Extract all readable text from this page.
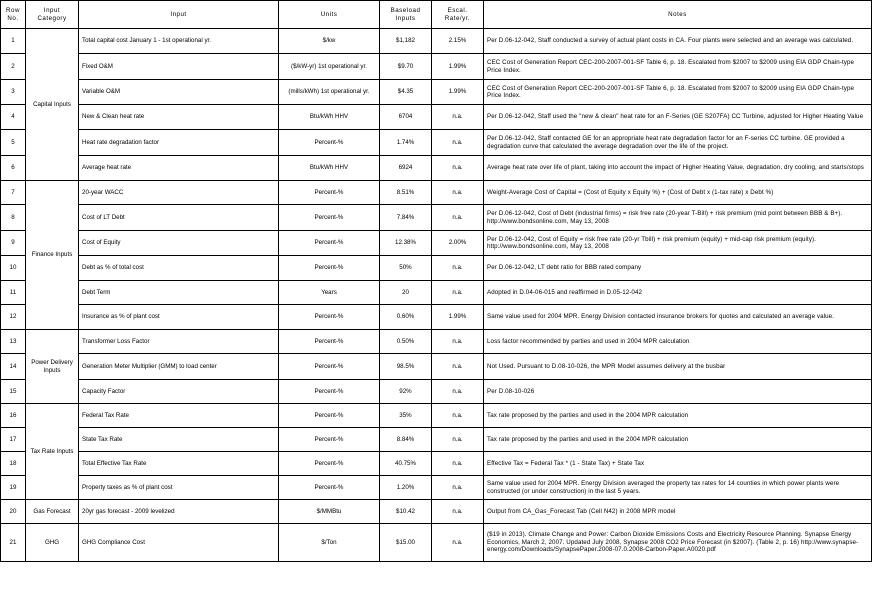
Row No.	Input Category	Input	Units	Baseload Inputs	Escal. Rate/yr.	Notes
1	Capital Inputs	Total capital cost January 1 - 1st operational yr.	$/kw	$1,182	2.15%	Per D.06-12-042, Staff conducted a survey of actual plant costs in CA. Four plants were selected and an average was calculated.
2		Fixed O&M	($/kW-yr) 1st operational yr.	$9.70	1.99%	CEC Cost of Generation Report CEC-200-2007-001-SF Table 6, p. 18. Escalated from $2007 to $2009 using EIA GDP Chain-type Price Index.
3		Variable O&M	(mills/kWh) 1st operational yr.	$4.35	1.99%	CEC Cost of Generation Report CEC-200-2007-001-SF Table 6, p. 18. Escalated from $2007 to $2009 using EIA GDP Chain-type Price Index.
4		New & Clean heat rate	Btu/kWh HHV	6704	n.a.	Per D.06-12-042, Staff used the "new & clean" heat rate for an F-Series (GE S207FA) CC Turbine, adjusted for Higher Heating Value
5		Heat rate degradation factor	Percent-%	1.74%	n.a.	Per D.06-12-042, Staff contacted GE for an appropriate heat rate degradation factor for an F-series CC turbine. GE provided a degradation curve that calculated the average degradation over the life of the project.
6		Average heat rate	Btu/kWh HHV	6924	n.a.	Average heat rate over life of plant, taking into account the impact of Higher Heating Value, degradation, dry cooling, and starts/stops
7	Finance Inputs	20-year WACC	Percent-%	8.51%	n.a.	Weight-Average Cost of Capital = (Cost of Equity x Equity %) + (Cost of Debt x (1-tax rate) x Debt %)
8		Cost of LT Debt	Percent-%	7.84%	n.a.	Per D.06-12-042, Cost of Debt (industrial firms) = risk free rate (20-year T-Bill) + risk premium (mid point between BBB & B+). http://www.bondsonline.com, May 13, 2008
9		Cost of Equity	Percent-%	12.38%	2.00%	Per D.06-12-042, Cost of Equity = risk free rate (20-yr Tbill) + risk premium (equity) + mid-cap risk premium (equity). http://www.bondsonline.com, May 13, 2008
10		Debt as % of total cost	Percent-%	50%	n.a.	Per D.06-12-042, LT debt ratio for BBB rated company
11		Debt Term	Years	20	n.a.	Adopted in D.04-06-015 and reaffirmed in D.05-12-042
12		Insurance as % of plant cost	Percent-%	0.60%	1.99%	Same value used for 2004 MPR. Energy Division contacted insurance brokers for quotes and calculated an average value.
13	Power Delivery Inputs	Transformer Loss Factor	Percent-%	0.50%	n.a.	Loss factor recommended by parties and used in 2004 MPR calculation
14		Generation Meter Multiplier (GMM) to load center	Percent-%	98.5%	n.a.	Not Used. Pursuant to D.08-10-026, the MPR Model assumes delivery at the busbar
15		Capacity Factor	Percent-%	92%	n.a.	Per D.08-10-026
16	Tax Rate Inputs	Federal Tax Rate	Percent-%	35%	n.a.	Tax rate proposed by the parties and used in the 2004 MPR calculation
17		State Tax Rate	Percent-%	8.84%	n.a.	Tax rate proposed by the parties and used in the 2004 MPR calculation
18		Total Effective Tax Rate	Percent-%	40.75%	n.a.	Effective Tax = Federal Tax * (1 - State Tax) + State Tax
19		Property taxes as % of plant cost	Percent-%	1.20%	n.a.	Same value used for 2004 MPR. Energy Division averaged the property tax rates for 14 counties in which power plants were constructed (or under construction) in the last 5 years.
20	Gas Forecast	20yr gas forecast - 2009 levelized	$/MMBtu	$10.42	n.a.	Output from CA_Gas_Forecast Tab (Cell N42) in 2008 MPR model
21	GHG	GHG Compliance Cost	$/Ton	$15.00	n.a.	($19 in 2013). Climate Change and Power: Carbon Dioxide Emissions Costs and Electricity Resource Planning. Synapse Energy Economics, March 2, 2007. Updated July 2008, Synapse 2008 CO2 Price Forecast (in $2007). (Table 2, p. 16) http://www.synapse-energy.com/Downloads/SynapsePaper.2008-07.0.2008-Carbon-Paper.A0020.pdf
